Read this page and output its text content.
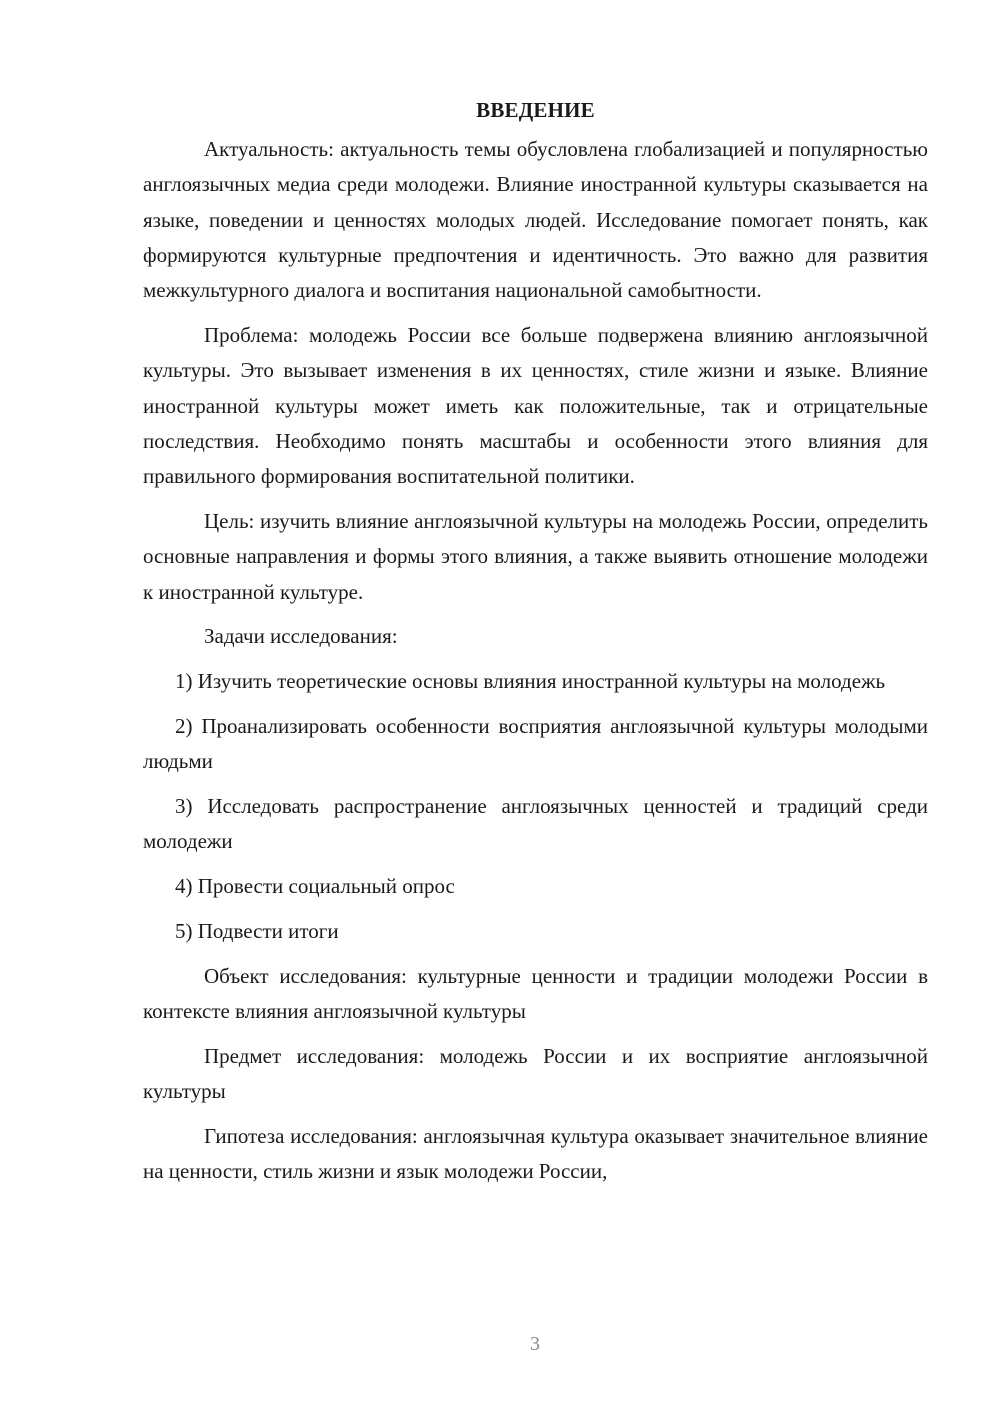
ВВЕДЕНИЕ

Актуальность: актуальность темы обусловлена глобализацией и популярностью англоязычных медиа среди молодежи. Влияние иностранной культуры сказывается на языке, поведении и ценностях молодых людей. Исследование помогает понять, как формируются культурные предпочтения и идентичность. Это важно для развития межкультурного диалога и воспитания национальной самобытности.

Проблема: молодежь России все больше подвержена влиянию англоязычной культуры. Это вызывает изменения в их ценностях, стиле жизни и языке. Влияние иностранной культуры может иметь как положительные, так и отрицательные последствия. Необходимо понять масштабы и особенности этого влияния для правильного формирования воспитательной политики.

Цель: изучить влияние англоязычной культуры на молодежь России, определить основные направления и формы этого влияния, а также выявить отношение молодежи к иностранной культуре.

Задачи исследования:

1) Изучить теоретические основы влияния иностранной культуры на молодежь

2) Проанализировать особенности восприятия англоязычной культуры молодыми людьми

3) Исследовать распространение англоязычных ценностей и традиций среди молодежи

4) Провести социальный опрос

5) Подвести итоги

Объект исследования: культурные ценности и традиции молодежи России в контексте влияния англоязычной культуры

Предмет исследования: молодежь России и их восприятие англоязычной культуры

Гипотеза исследования: англоязычная культура оказывает значительное влияние на ценности, стиль жизни и язык молодежи России,

3
